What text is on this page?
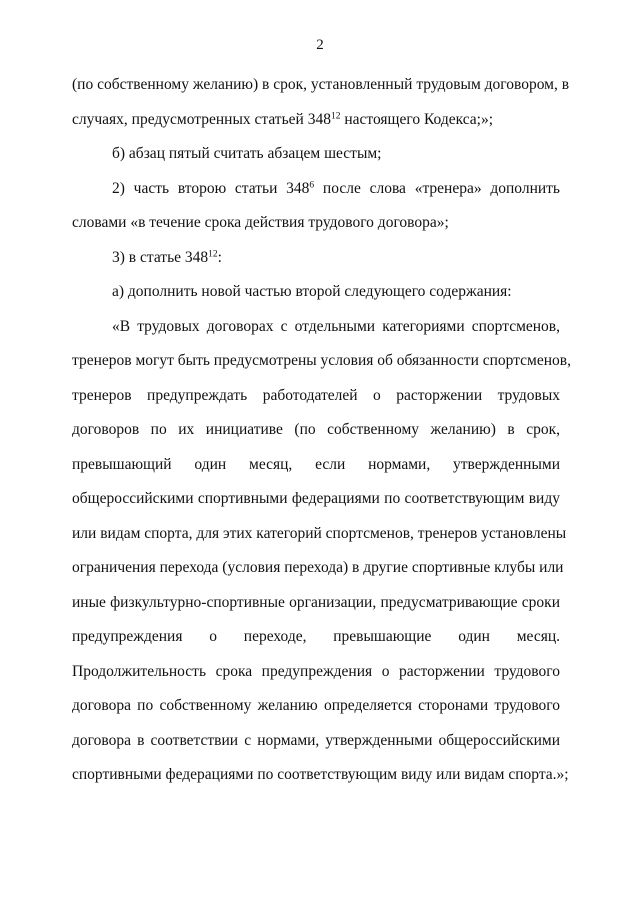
2
(по собственному желанию) в срок, установленный трудовым договором, в
случаях, предусмотренных статьей $348^{12}$ настоящего Кодекса;»;
б) абзац пятый считать абзацем шестым;
2) часть второю статьи $348^6$ после слова «тренера» дополнить
словами «в течение срока действия трудового договора»;
3) в статье $348^{12}$:
а) дополнить новой частью второй следующего содержания:
«В трудовых договорах с отдельными категориями спортсменов,
тренеров могут быть предусмотрены условия об обязанности спортсменов,
тренеров предупреждать работодателей о расторжении трудовых
договоров по их инициативе (по собственному желанию) в срок,
превышающий один месяц, если нормами, утвержденными
общероссийскими спортивными федерациями по соответствующим виду
или видам спорта, для этих категорий спортсменов, тренеров установлены
ограничения перехода (условия перехода) в другие спортивные клубы или
иные физкультурно-спортивные организации, предусматривающие сроки
предупреждения о переходе, превышающие один месяц.
Продолжительность срока предупреждения о расторжении трудового
договора по собственному желанию определяется сторонами трудового
договора в соответствии с нормами, утвержденными общероссийскими
спортивными федерациями по соответствующим виду или видам спорта.»;
